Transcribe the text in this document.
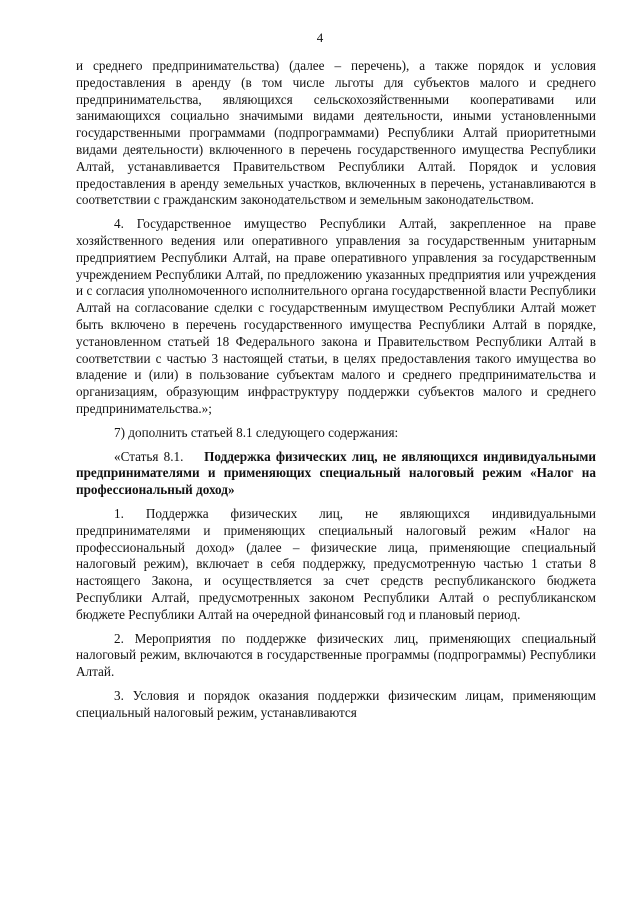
4

и среднего предпринимательства) (далее – перечень), а также порядок и условия предоставления в аренду (в том числе льготы для субъектов малого и среднего предпринимательства, являющихся сельскохозяйственными кооперативами или занимающихся социально значимыми видами деятельности, иными установленными государственными программами (подпрограммами) Республики Алтай приоритетными видами деятельности) включенного в перечень государственного имущества Республики Алтай, устанавливается Правительством Республики Алтай. Порядок и условия предоставления в аренду земельных участков, включенных в перечень, устанавливаются в соответствии с гражданским законодательством и земельным законодательством.

4. Государственное имущество Республики Алтай, закрепленное на праве хозяйственного ведения или оперативного управления за государственным унитарным предприятием Республики Алтай, на праве оперативного управления за государственным учреждением Республики Алтай, по предложению указанных предприятия или учреждения и с согласия уполномоченного исполнительного органа государственной власти Республики Алтай на согласование сделки с государственным имуществом Республики Алтай может быть включено в перечень государственного имущества Республики Алтай в порядке, установленном статьей 18 Федерального закона и Правительством Республики Алтай в соответствии с частью 3 настоящей статьи, в целях предоставления такого имущества во владение и (или) в пользование субъектам малого и среднего предпринимательства и организациям, образующим инфраструктуру поддержки субъектов малого и среднего предпринимательства.»;

7) дополнить статьей 8.1 следующего содержания:

«Статья 8.1. Поддержка физических лиц, не являющихся индивидуальными предпринимателями и применяющих специальный налоговый режим «Налог на профессиональный доход»

1. Поддержка физических лиц, не являющихся индивидуальными предпринимателями и применяющих специальный налоговый режим «Налог на профессиональный доход» (далее – физические лица, применяющие специальный налоговый режим), включает в себя поддержку, предусмотренную частью 1 статьи 8 настоящего Закона, и осуществляется за счет средств республиканского бюджета Республики Алтай, предусмотренных законом Республики Алтай о республиканском бюджете Республики Алтай на очередной финансовый год и плановый период.

2. Мероприятия по поддержке физических лиц, применяющих специальный налоговый режим, включаются в государственные программы (подпрограммы) Республики Алтай.

3. Условия и порядок оказания поддержки физическим лицам, применяющим специальный налоговый режим, устанавливаются
